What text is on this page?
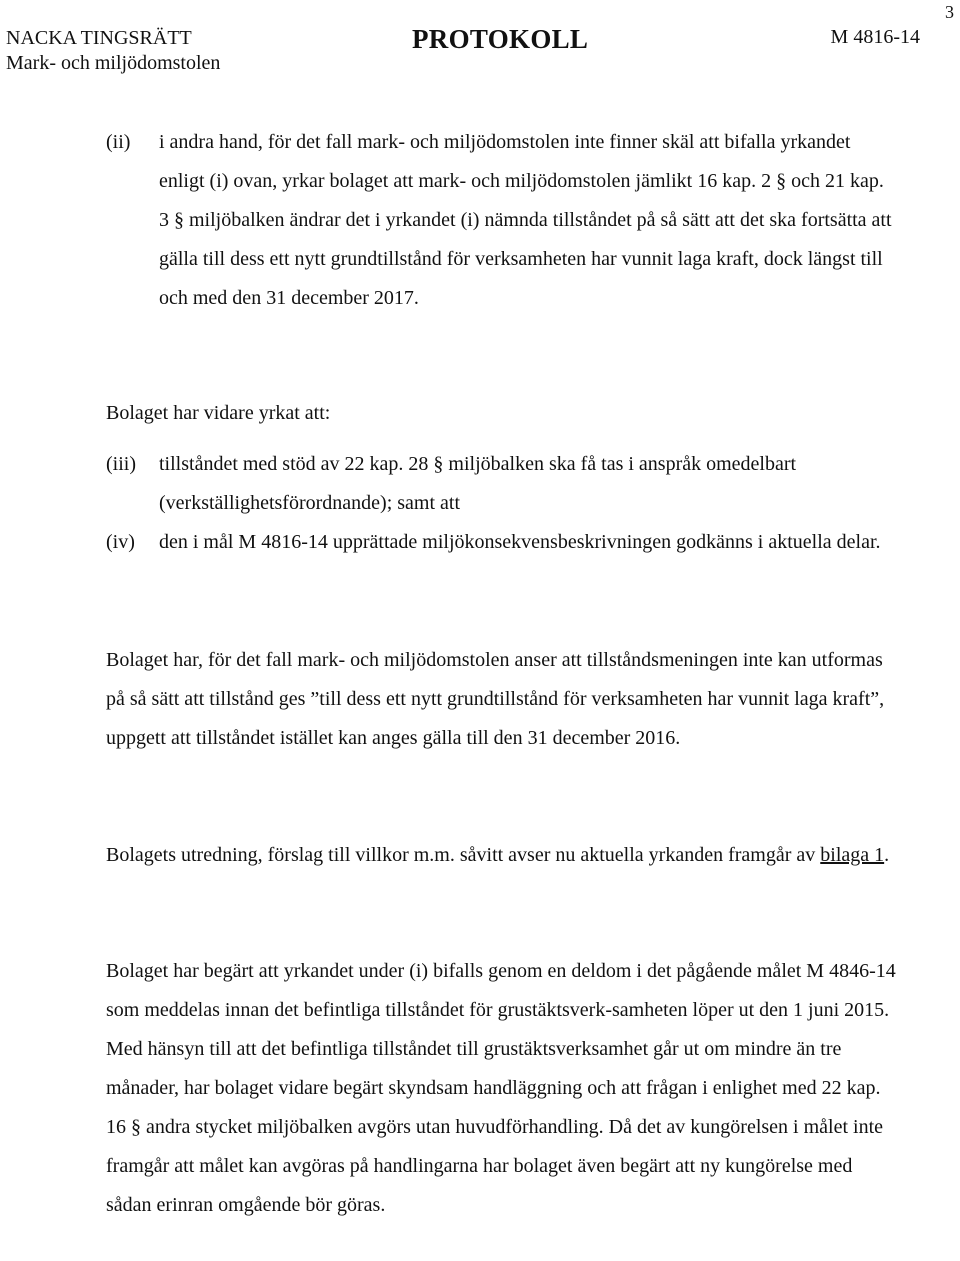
3
NACKA TINGSRÄTT
Mark- och miljödomstolen
PROTOKOLL	M 4816-14
(ii) i andra hand, för det fall mark- och miljödomstolen inte finner skäl att bifalla yrkandet enligt (i) ovan, yrkar bolaget att mark- och miljödomstolen jämlikt 16 kap. 2 § och 21 kap. 3 § miljöbalken ändrar det i yrkandet (i) nämnda tillståndet på så sätt att det ska fortsätta att gälla till dess ett nytt grundtillstånd för verksamheten har vunnit laga kraft, dock längst till och med den 31 december 2017.
Bolaget har vidare yrkat att:
(iii) tillståndet med stöd av 22 kap. 28 § miljöbalken ska få tas i anspråk omedelbart (verkställighetsförordnande); samt att
(iv) den i mål M 4816-14 upprättade miljökonsekvensbeskrivningen godkänns i aktuella delar.
Bolaget har, för det fall mark- och miljödomstolen anser att tillståndsmeningen inte kan utformas på så sätt att tillstånd ges ”till dess ett nytt grundtillstånd för verksamheten har vunnit laga kraft”, uppgett att tillståndet istället kan anges gälla till den 31 december 2016.
Bolagets utredning, förslag till villkor m.m. såvitt avser nu aktuella yrkanden framgår av bilaga 1.
Bolaget har begärt att yrkandet under (i) bifalls genom en deldom i det pågående målet M 4846-14 som meddelas innan det befintliga tillståndet för grustäktsverk-samheten löper ut den 1 juni 2015. Med hänsyn till att det befintliga tillståndet till grustäktsverksamhet går ut om mindre än tre månader, har bolaget vidare begärt skyndsam handläggning och att frågan i enlighet med 22 kap. 16 § andra stycket miljöbalken avgörs utan huvudförhandling. Då det av kungörelsen i målet inte framgår att målet kan avgöras på handlingarna har bolaget även begärt att ny kungörelse med sådan erinran omgående bör göras.
